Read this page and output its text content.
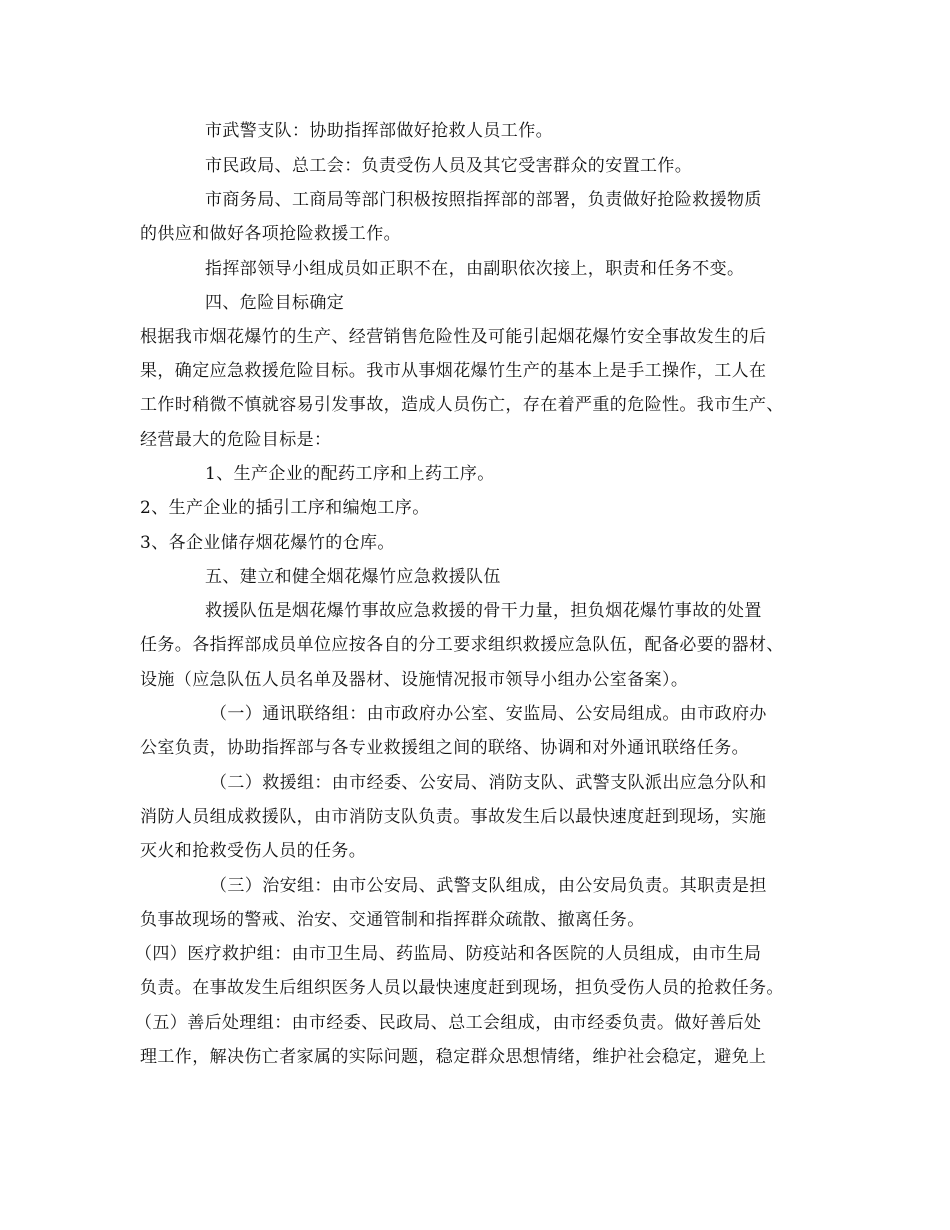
市武警支队：协助指挥部做好抢救人员工作。
市民政局、总工会：负责受伤人员及其它受害群众的安置工作。
市商务局、工商局等部门积极按照指挥部的部署，负责做好抢险救援物质
的供应和做好各项抢险救援工作。
指挥部领导小组成员如正职不在，由副职依次接上，职责和任务不变。
四、危险目标确定
根据我市烟花爆竹的生产、经营销售危险性及可能引起烟花爆竹安全事故发生的后
果，确定应急救援危险目标。我市从事烟花爆竹生产的基本上是手工操作，工人在
工作时稍微不慎就容易引发事故，造成人员伤亡，存在着严重的危险性。我市生产、
经营最大的危险目标是：
1、生产企业的配药工序和上药工序。
2、生产企业的插引工序和编炮工序。
3、各企业储存烟花爆竹的仓库。
五、建立和健全烟花爆竹应急救援队伍
救援队伍是烟花爆竹事故应急救援的骨干力量，担负烟花爆竹事故的处置
任务。各指挥部成员单位应按各自的分工要求组织救援应急队伍，配备必要的器材、
设施（应急队伍人员名单及器材、设施情况报市领导小组办公室备案）。
（一）通讯联络组：由市政府办公室、安监局、公安局组成。由市政府办
公室负责，协助指挥部与各专业救援组之间的联络、协调和对外通讯联络任务。
（二）救援组：由市经委、公安局、消防支队、武警支队派出应急分队和
消防人员组成救援队，由市消防支队负责。事故发生后以最快速度赶到现场，实施
灭火和抢救受伤人员的任务。
（三）治安组：由市公安局、武警支队组成，由公安局负责。其职责是担
负事故现场的警戒、治安、交通管制和指挥群众疏散、撤离任务。
（四）医疗救护组：由市卫生局、药监局、防疫站和各医院的人员组成，由市生局
负责。在事故发生后组织医务人员以最快速度赶到现场，担负受伤人员的抢救任务。
（五）善后处理组：由市经委、民政局、总工会组成，由市经委负责。做好善后处
理工作，解决伤亡者家属的实际问题，稳定群众思想情绪，维护社会稳定，避免上
